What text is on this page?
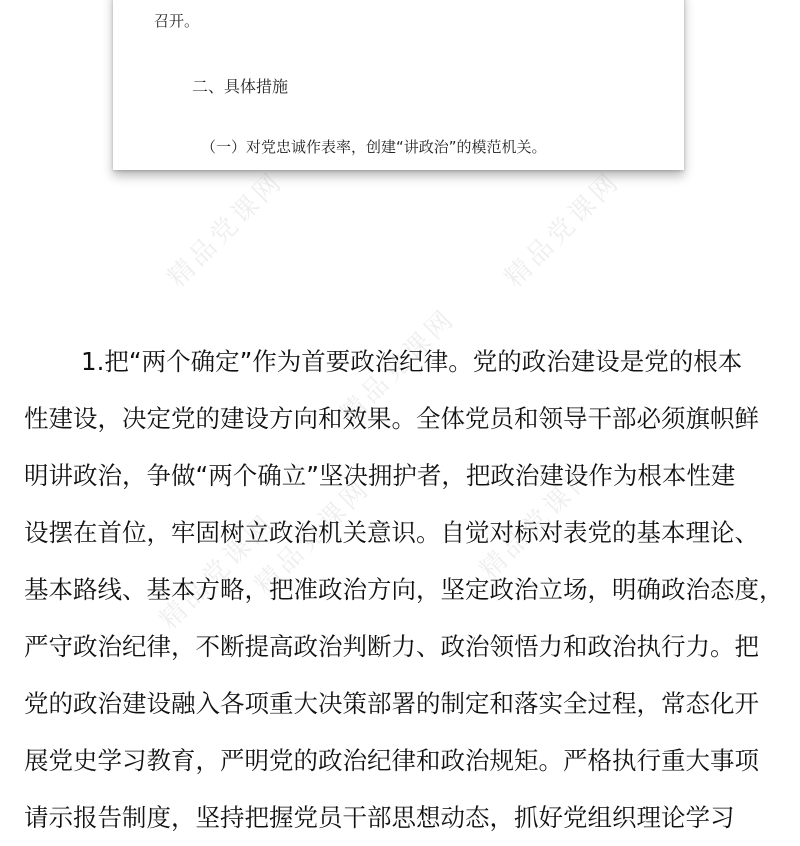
召开。
二、具体措施
（一）对党忠诚作表率，创建“讲政治”的模范机关。
精品党课网	精品党课网
精品党课网
精品党课网	精品党课网
精品党课网

1.把“两个确定”作为首要政治纪律。党的政治建设是党的根本

性建设，决定党的建设方向和效果。全体党员和领导干部必须旗帜鲜

明讲政治，争做“两个确立”坚决拥护者，把政治建设作为根本性建

设摆在首位，牢固树立政治机关意识。自觉对标对表党的基本理论、

基本路线、基本方略，把准政治方向，坚定政治立场，明确政治态度，

严守政治纪律，不断提高政治判断力、政治领悟力和政治执行力。把

党的政治建设融入各项重大决策部署的制定和落实全过程，常态化开

展党史学习教育，严明党的政治纪律和政治规矩。严格执行重大事项

请示报告制度，坚持把握党员干部思想动态，抓好党组织理论学习
